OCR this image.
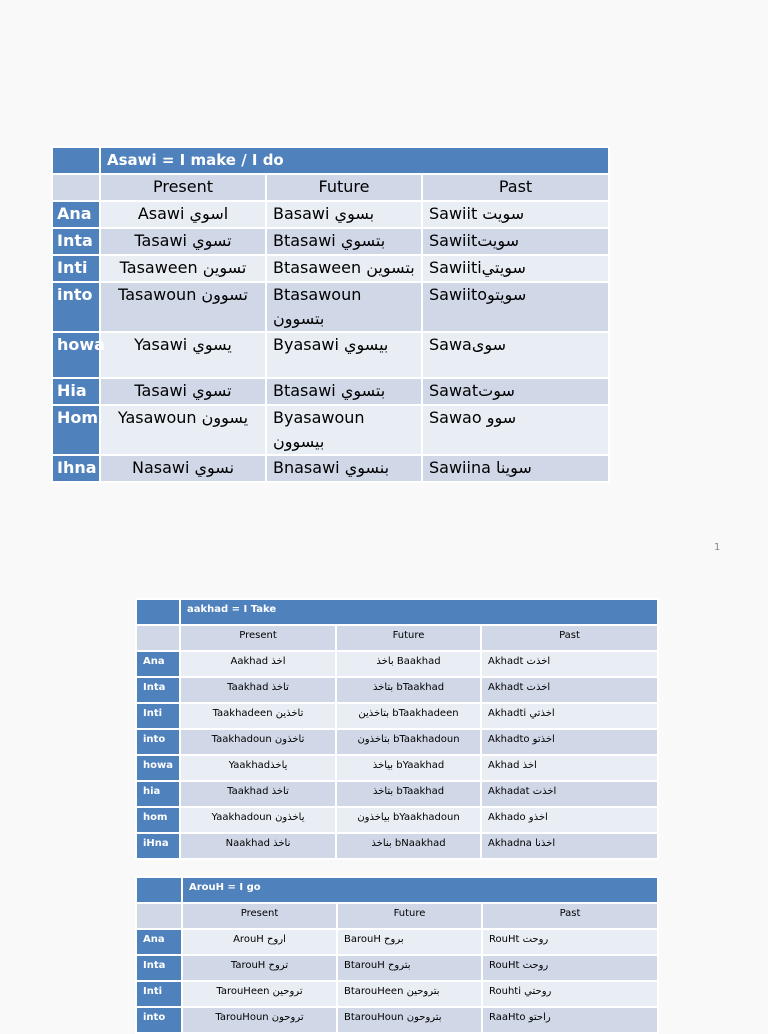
	Asawi = I make / I do		
	Present	Future	Past
Ana	Asawi اسوي	Basawi بسوي	Sawiit سويت
Inta	Tasawi تسوي	Btasawi بتسوي	Sawiitسويت
Inti	Tasaween تسوين	Btasaween بتسوين	Sawiitiسويتي
into	Tasawoun تسوون	Btasawoun بتسوون	Sawiitoسويتو
howa	Yasawi يسوي	Byasawi بيسوي	Sawaسوى
Hia	Tasawi تسوي	Btasawi بتسوي	Sawatسوت
Hom	Yasawoun يسوون	Byasawoun بيسوون	Sawao سوو
Ihna	Nasawi نسوي	Bnasawi بنسوي	Sawiina سوينا
1
	aakhad = I Take		
	Present	Future	Past
Ana	Aakhad اخذ	باخذ Baakhad	Akhadt اخذت
Inta	Taakhad تاخذ	بتاخذ bTaakhad	Akhadt اخذت
Inti	Taakhadeen تاخذين	بتاخذين bTaakhadeen	Akhadti اخذتي
into	Taakhadoun تاخذون	بتاخذون bTaakhadoun	Akhadto اخذتو
howa	Yaakhadياخذ	بياخذ bYaakhad	Akhad اخذ
hia	Taakhad تاخذ	بتاخذ bTaakhad	Akhadat اخذت
hom	Yaakhadoun ياخذون	بياخذون bYaakhadoun	Akhado اخذو
iHna	Naakhad ناخذ	بناخذ bNaakhad	Akhadna اخذنا
	ArouH = I go		
	Present	Future	Past
Ana	ArouH اروح	BarouH بروح	RouHt روحت
Inta	TarouH تروح	BtarouH بتروح	RouHt روحت
Inti	TarouHeen تروحين	BtarouHeen بتروحين	Rouhti روحتي
into	TarouHoun تروحون	BtarouHoun بتروحون	RaaHto راحتو
